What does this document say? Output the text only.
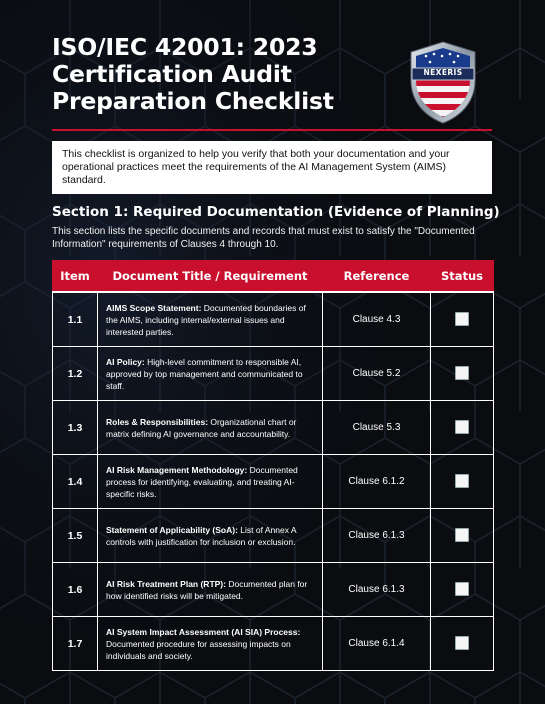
ISO/IEC 42001: 2023
Certification Audit
Preparation Checklist
NEXERIS
This checklist is organized to help you verify that both your documentation and your operational practices meet the requirements of the AI Management System (AIMS) standard.
Section 1: Required Documentation (Evidence of Planning)
This section lists the specific documents and records that must exist to satisfy the "Documented Information" requirements of Clauses 4 through 10.
Item	Document Title / Requirement	Reference	Status
1.1	AIMS Scope Statement: Documented boundaries of the AIMS, including internal/external issues and interested parties.	Clause 4.3	
1.2	AI Policy: High-level commitment to responsible AI, approved by top management and communicated to staff.	Clause 5.2	
1.3	Roles & Responsibilities: Organizational chart or matrix defining AI governance and accountability.	Clause 5.3	
1.4	AI Risk Management Methodology: Documented process for identifying, evaluating, and treating AI-specific risks.	Clause 6.1.2	
1.5	Statement of Applicability (SoA): List of Annex A controls with justification for inclusion or exclusion.	Clause 6.1.3	
1.6	AI Risk Treatment Plan (RTP): Documented plan for how identified risks will be mitigated.	Clause 6.1.3	
1.7	AI System Impact Assessment (AI SIA) Process: Documented procedure for assessing impacts on individuals and society.	Clause 6.1.4	
